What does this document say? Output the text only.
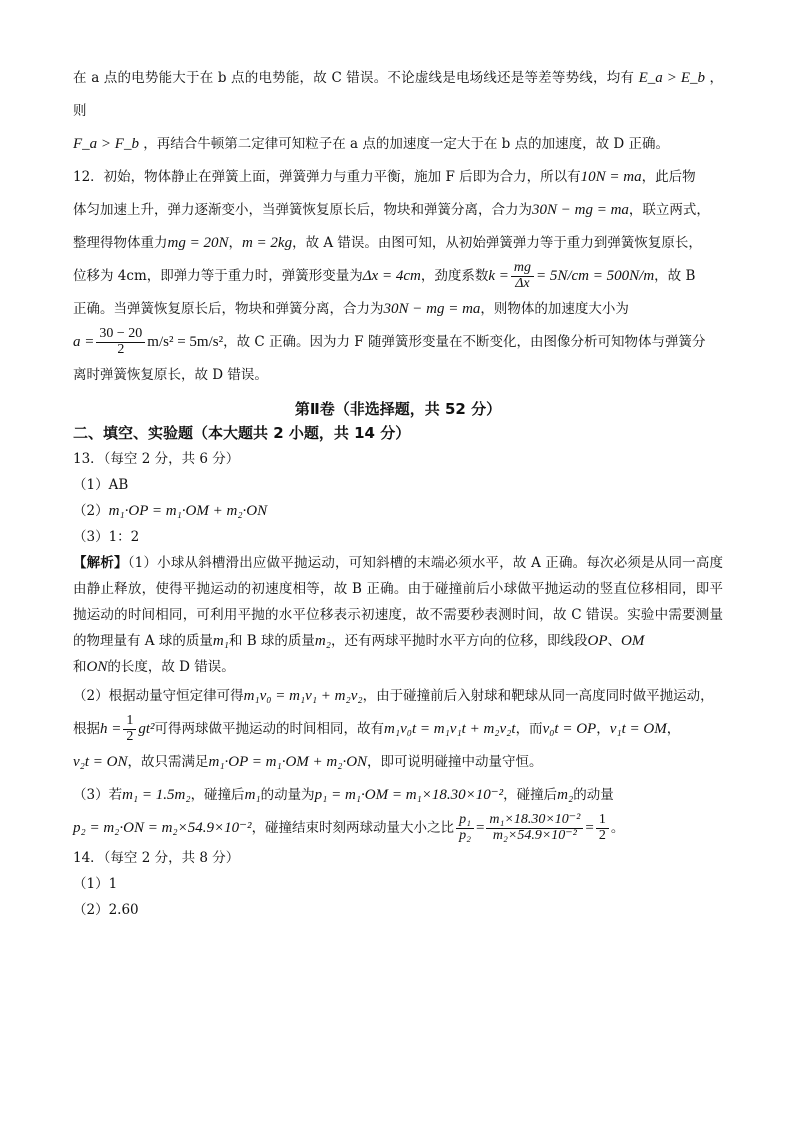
在 a 点的电势能大于在 b 点的电势能，故 C 错误。不论虚线是电场线还是等差等势线，均有 E_a > E_b ，则

F_a > F_b ，再结合牛顿第二定律可知粒子在 a 点的加速度一定大于在 b 点的加速度，故 D 正确。

12．初始，物体静止在弹簧上面，弹簧弹力与重力平衡，施加 F 后即为合力，所以有10N = ma，此后物
体匀加速上升，弹力逐渐变小，当弹簧恢复原长后，物块和弹簧分离，合力为30N − mg = ma，联立两式，
整理得物体重力mg = 20N，m = 2kg，故 A 错误。由图可知，从初始弹簧弹力等于重力到弹簧恢复原长，
位移为 4cm，即弹力等于重力时，弹簧形变量为Δx = 4cm，劲度系数$k = \frac{mg}{\Delta x} = 5N/cm = 500N/m$，故 B
正确。当弹簧恢复原长后，物块和弹簧分离，合力为30N − mg = ma，则物体的加速度大小为
$a = \frac{30 - 20}{2} m/s^2 = 5m/s^2$，故 C 正确。因为力 F 随弹簧形变量在不断变化，由图像分析可知物体与弹簧分
离时弹簧恢复原长，故 D 错误。

第Ⅱ卷（非选择题，共 52 分）
二、填空、实验题（本大题共 2 小题，共 14 分）

13．（每空 2 分，共 6 分）

（1）AB

（2）m₁·OP = m₁·OM + m₂·ON

（3）1：2

【解析】（1）小球从斜槽滑出应做平抛运动，可知斜槽的末端必须水平，故 A 正确。每次必须是从同一高度由静止释放，使得平抛运动的初速度相等，故 B 正确。由于碰撞前后小球做平抛运动的竖直位移相同，即平抛运动的时间相同，可利用平抛的水平位移表示初速度，故不需要秒表测时间，故 C 错误。实验中需要测量的物理量有 A 球的质量m₁和 B 球的质量m₂，还有两球平抛时水平方向的位移，即线段OP、OM
和ON的长度，故 D 错误。

（2）根据动量守恒定律可得m₁v₀ = m₁v₁ + m₂v₂，由于碰撞前后入射球和靶球从同一高度同时做平抛运动，
根据$h = \frac{1}{2} gt^2$可得两球做平抛运动的时间相同，故有m₁v₀t = m₁v₁t + m₂v₂t，而v₀t = OP，v₁t = OM，
v₂t = ON，故只需满足m₁·OP = m₁·OM + m₂·ON，即可说明碰撞中动量守恒。

（3）若m₁ = 1.5m₂，碰撞后m₁的动量为p₁ = m₁·OM = m₁×18.30×10⁻²，碰撞后m₂的动量
p₂ = m₂·ON = m₂×54.9×10⁻²，碰撞结束时刻两球动量大小之比 $\frac{\text{p₁}}{\text{p₂}} = \frac{\text{m₁×18.30×10⁻²}}{\text{m₂×54.9×10⁻²}} = \frac{1}{2}$ 。

14．（每空 2 分，共 8 分）

（1）1

（2）2.60
